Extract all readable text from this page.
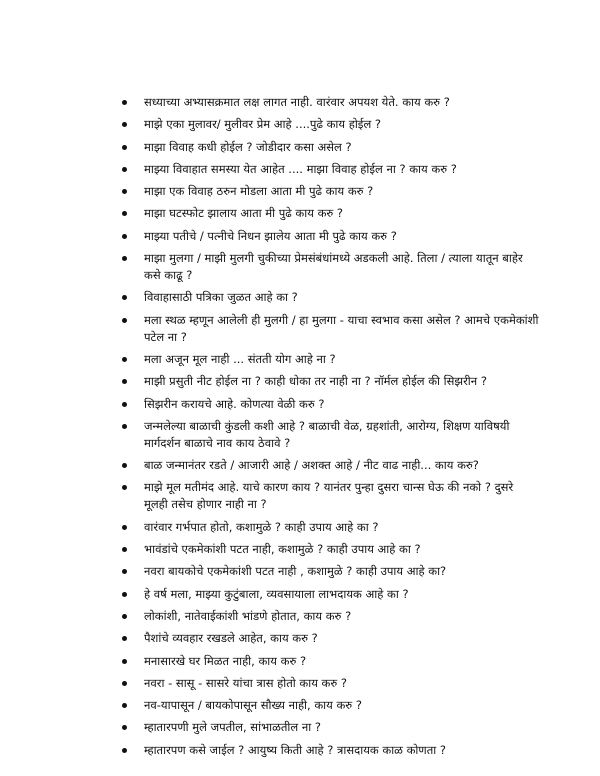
सध्याच्या अभ्यासक्रमात लक्ष लागत नाही. वारंवार अपयश येते. काय करु ?
माझे एका मुलावर/ मुलीवर प्रेम आहे ....पुढे काय होईल ?
माझा विवाह कधी होईल ? जोडीदार कसा असेल ?
माझ्या विवाहात समस्या येत आहेत .... माझा विवाह होईल ना ? काय करु ?
माझा एक विवाह ठरुन मोडला आता मी पुढे काय करु ?
माझा घटस्फोट झालाय आता मी पुढे काय करु ?
माझ्या पतीचे / पत्नीचे निधन झालेय आता मी पुढे काय करु ?
माझा मुलगा / माझी मुलगी चुकीच्या प्रेमसंबंधांमध्ये अडकली आहे. तिला / त्याला यातून बाहेर कसे काढू ?
विवाहासाठी पत्रिका जुळत आहे का ?
मला स्थळ म्हणून आलेली ही मुलगी / हा मुलगा - याचा स्वभाव कसा असेल ? आमचे एकमेकांशी पटेल ना ?
मला अजून मूल नाही ... संतती योग आहे ना ?
माझी प्रसुती नीट होईल ना ? काही धोका तर नाही ना ? नॉर्मल होईल की सिझरीन ?
सिझरीन करायचे आहे. कोणत्या वेळी करु ?
जन्मलेल्या बाळाची कुंडली कशी आहे ? बाळाची वेळ, ग्रहशांती, आरोग्य, शिक्षण याविषयी मार्गदर्शन बाळाचे नाव काय ठेवावे ?
बाळ जन्मानंतर रडते / आजारी आहे / अशक्त आहे / नीट वाढ नाही... काय करु?
माझे मूल मतीमंद आहे. याचे कारण काय ? यानंतर पुन्हा दुसरा चान्स घेऊ की नको ? दुसरे मूलही तसेच होणार नाही ना ?
वारंवार गर्भपात होतो, कशामुळे ? काही उपाय आहे का ?
भावंडांचे एकमेकांशी पटत नाही, कशामुळे ? काही उपाय आहे का ?
नवरा बायकोचे एकमेकांशी पटत नाही , कशामुळे ? काही उपाय आहे का?
हे वर्ष मला, माझ्या कुटुंबाला, व्यवसायाला लाभदायक आहे का ?
लोकांशी, नातेवाईकांशी भांडणे होतात, काय करु ?
पैशांचे व्यवहार रखडले आहेत, काय करु ?
मनासारखे घर मिळत नाही, काय करु ?
नवरा - सासू - सासरे यांचा त्रास होतो काय करु ?
नव-यापासून / बायकोपासून सौख्य नाही, काय करु ?
म्हातारपणी मुले जपतील, सांभाळतील ना ?
म्हातारपण कसे जाईल ? आयुष्य किती आहे ? त्रासदायक काळ कोणता ?
